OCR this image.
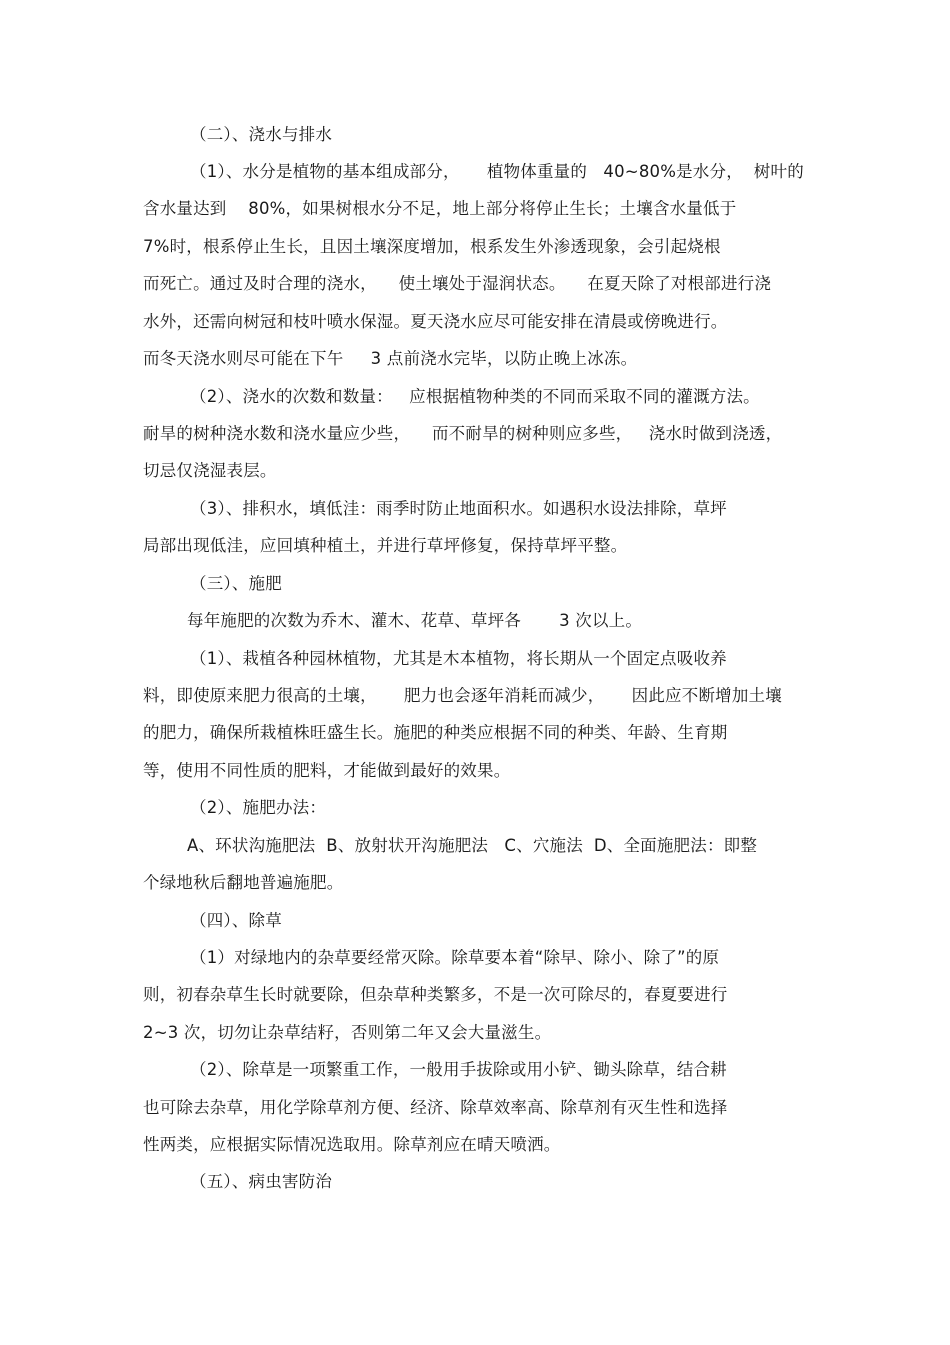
（二）、浇水与排水
（1）、水分是植物的基本组成部分，     植物体重量的   40~80%是水分，  树叶的
含水量达到    80%，如果树根水分不足，地上部分将停止生长；土壤含水量低于
7%时，根系停止生长，且因土壤深度增加，根系发生外渗透现象，会引起烧根
而死亡。通过及时合理的浇水，    使土壤处于湿润状态。    在夏天除了对根部进行浇
水外，还需向树冠和枝叶喷水保湿。夏天浇水应尽可能安排在清晨或傍晚进行。
而冬天浇水则尽可能在下午     3 点前浇水完毕，以防止晚上冰冻。
（2）、浇水的次数和数量：   应根据植物种类的不同而采取不同的灌溉方法。
耐旱的树种浇水数和浇水量应少些，    而不耐旱的树种则应多些，   浇水时做到浇透，
切忌仅浇湿表层。
（3）、排积水，填低洼：雨季时防止地面积水。如遇积水设法排除，草坪
局部出现低洼，应回填种植土，并进行草坪修复，保持草坪平整。
（三）、施肥
每年施肥的次数为乔木、灌木、花草、草坪各       3 次以上。
（1）、栽植各种园林植物，尤其是木本植物，将长期从一个固定点吸收养
料，即使原来肥力很高的土壤，     肥力也会逐年消耗而减少，     因此应不断增加土壤
的肥力，确保所栽植株旺盛生长。施肥的种类应根据不同的种类、年龄、生育期
等，使用不同性质的肥料，才能做到最好的效果。
（2）、施肥办法：
A、环状沟施肥法  B、放射状开沟施肥法   C、穴施法  D、全面施肥法：即整
个绿地秋后翻地普遍施肥。
（四）、除草
（1）对绿地内的杂草要经常灭除。除草要本着“除早、除小、除了”的原
则，初春杂草生长时就要除，但杂草种类繁多，不是一次可除尽的，春夏要进行
2~3 次，切勿让杂草结籽，否则第二年又会大量滋生。
（2）、除草是一项繁重工作，一般用手拔除或用小铲、锄头除草，结合耕
也可除去杂草，用化学除草剂方便、经济、除草效率高、除草剂有灭生性和选择
性两类，应根据实际情况选取用。除草剂应在晴天喷洒。
（五）、病虫害防治
